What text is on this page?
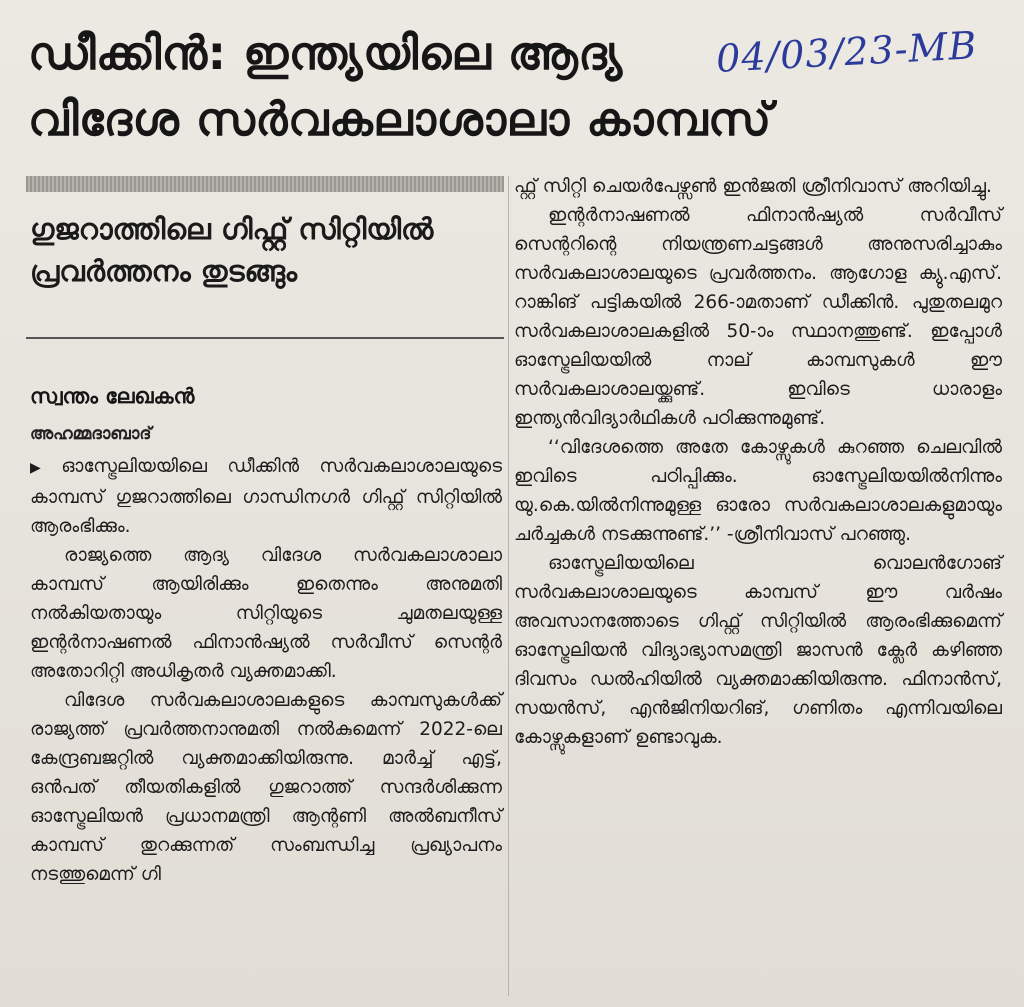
ഡീക്കിൻ: ഇന്ത്യയിലെ ആദ്യ
വിദേശ സർവകലാശാലാ കാമ്പസ്
04/03/23-MB
ഗുജറാത്തിലെ ഗിഫ്റ്റ് സിറ്റിയിൽ പ്രവർത്തനം തുടങ്ങും
സ്വന്തം ലേഖകൻ
അഹമ്മദാബാദ്

▶ ഓസ്ട്രേലിയയിലെ ഡീക്കിൻ സർവകലാശാലയുടെ കാമ്പസ് ഗുജറാത്തിലെ ഗാന്ധിനഗർ ഗിഫ്റ്റ് സിറ്റിയിൽ ആരംഭിക്കും.

രാജ്യത്തെ ആദ്യ വിദേശ സർവകലാശാലാ കാമ്പസ് ആയിരിക്കും ഇതെന്നും അനുമതി നൽകിയതായും സിറ്റിയുടെ ചുമതലയുള്ള ഇന്റർനാഷണൽ ഫിനാൻഷ്യൽ സർവീസ് സെന്റർ അതോറിറ്റി അധികൃതർ വ്യക്തമാക്കി.

വിദേശ സർവകലാശാലകളുടെ കാമ്പസുകൾക്ക് രാജ്യത്ത് പ്രവർത്തനാനുമതി നൽകുമെന്ന് 2022-ലെ കേന്ദ്രബജറ്റിൽ വ്യക്തമാക്കിയിരുന്നു. മാർച്ച് എട്ട്, ഒൻപത് തീയതികളിൽ ഗുജറാത്ത് സന്ദർശിക്കുന്ന ഓസ്ട്രേലിയൻ പ്രധാനമന്ത്രി ആന്റണി അൽബനീസ് കാമ്പസ് തുറക്കുന്നത് സംബന്ധിച്ച പ്രഖ്യാപനം നടത്തുമെന്ന് ഗി

ഫ്റ്റ് സിറ്റി ചെയർപേഴ്സൺ ഇൻജതി ശ്രീനിവാസ് അറിയിച്ചു.

ഇന്റർനാഷണൽ ഫിനാൻഷ്യൽ സർവീസ് സെന്ററിന്റെ നിയന്ത്രണചട്ടങ്ങൾ അനുസരിച്ചാകും സർവകലാശാലയുടെ പ്രവർത്തനം. ആഗോള ക്യു.എസ്. റാങ്കിങ് പട്ടികയിൽ 266-ാമതാണ് ഡീക്കിൻ. പുതുതലമുറ സർവകലാശാലകളിൽ 50-ാം സ്ഥാനത്തുണ്ട്. ഇപ്പോൾ ഓസ്ട്രേലിയയിൽ നാല് കാമ്പസുകൾ ഈ സർവകലാശാലയ്ക്കുണ്ട്. ഇവിടെ ധാരാളം ഇന്ത്യൻവിദ്യാർഥികൾ പഠിക്കുന്നുമുണ്ട്.

‘‘വിദേശത്തെ അതേ കോഴ്സുകൾ കുറഞ്ഞ ചെലവിൽ ഇവിടെ പഠിപ്പിക്കും. ഓസ്ട്രേലിയയിൽനിന്നും യു.കെ.യിൽനിന്നുമുള്ള ഓരോ സർവകലാശാലകളുമായും ചർച്ചകൾ നടക്കുന്നുണ്ട്.’’ -ശ്രീനിവാസ് പറഞ്ഞു.

ഓസ്ട്രേലിയയിലെ വൊലൻഗോങ് സർവകലാശാലയുടെ കാമ്പസ് ഈ വർഷം അവസാനത്തോടെ ഗിഫ്റ്റ് സിറ്റിയിൽ ആരംഭിക്കുമെന്ന് ഓസ്ട്രേലിയൻ വിദ്യാഭ്യാസമന്ത്രി ജാസൻ ക്ലേർ കഴിഞ്ഞ ദിവസം ഡൽഹിയിൽ വ്യക്തമാക്കിയിരുന്നു. ഫിനാൻസ്, സയൻസ്, എൻജിനിയറിങ്, ഗണിതം എന്നിവയിലെ കോഴ്സുകളാണ് ഉണ്ടാവുക.
